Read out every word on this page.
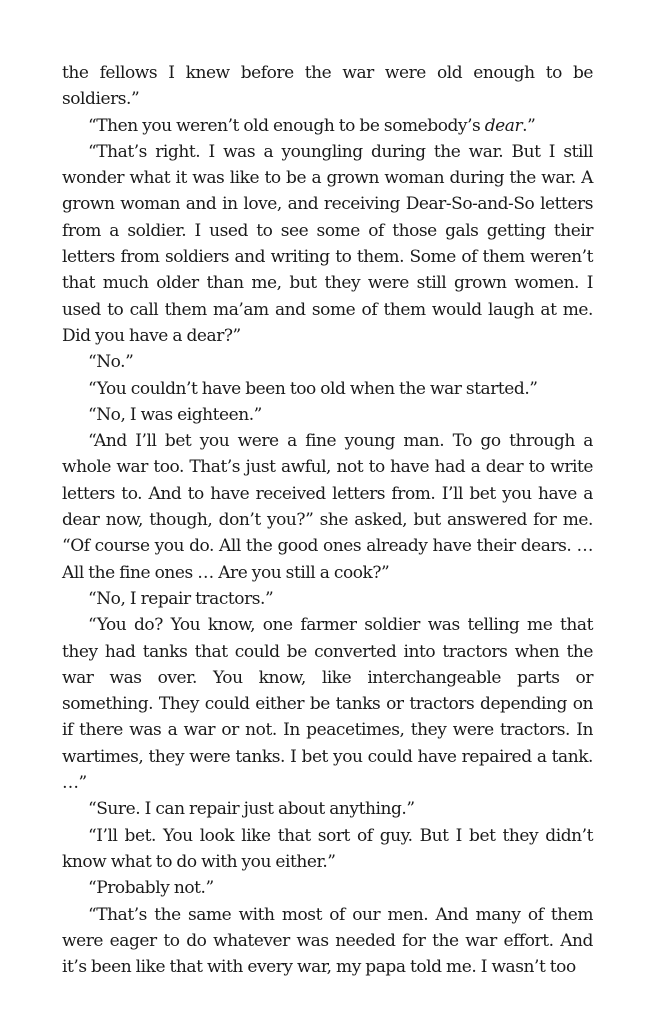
the fellows I knew before the war were old enough to be soldiers.”

“Then you weren’t old enough to be somebody’s dear.”

“That’s right. I was a youngling during the war. But I still wonder what it was like to be a grown woman during the war. A grown woman and in love, and receiving Dear-So-and-So letters from a soldier. I used to see some of those gals getting their letters from soldiers and writing to them. Some of them weren’t that much older than me, but they were still grown women. I used to call them ma’am and some of them would laugh at me. Did you have a dear?”

“No.”

“You couldn’t have been too old when the war started.”

“No, I was eighteen.”

“And I’ll bet you were a fine young man. To go through a whole war too. That’s just awful, not to have had a dear to write letters to. And to have received letters from. I’ll bet you have a dear now, though, don’t you?” she asked, but answered for me. “Of course you do. All the good ones already have their dears. … All the fine ones … Are you still a cook?”

“No, I repair tractors.”

“You do? You know, one farmer soldier was telling me that they had tanks that could be converted into tractors when the war was over. You know, like interchangeable parts or something. They could either be tanks or tractors depending on if there was a war or not. In peacetimes, they were tractors. In wartimes, they were tanks. I bet you could have repaired a tank. …”

“Sure. I can repair just about anything.”

“I’ll bet. You look like that sort of guy. But I bet they didn’t know what to do with you either.”

“Probably not.”

“That’s the same with most of our men. And many of them were eager to do whatever was needed for the war effort. And it’s been like that with every war, my papa told me. I wasn’t too
